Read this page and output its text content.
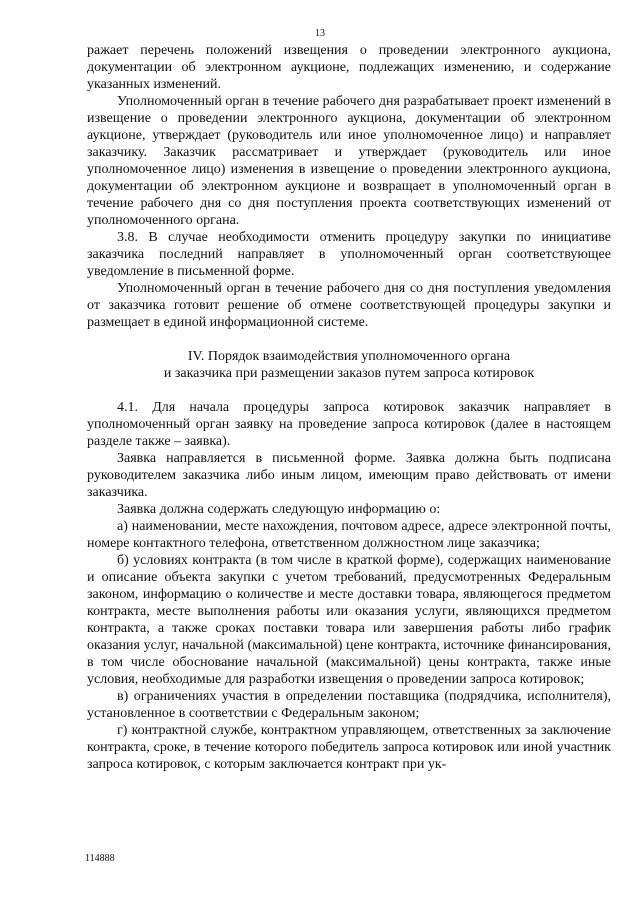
13

ражает перечень положений извещения о проведении электронного аукциона, документации об электронном аукционе, подлежащих изменению, и содержание указанных изменений.

Уполномоченный орган в течение рабочего дня разрабатывает проект изменений в извещение о проведении электронного аукциона, документации об электронном аукционе, утверждает (руководитель или иное уполномоченное лицо) и направляет заказчику. Заказчик рассматривает и утверждает (руководитель или иное уполномоченное лицо) изменения в извещение о проведении электронного аукциона, документации об электронном аукционе и возвращает в уполномоченный орган в течение рабочего дня со дня поступления проекта соответствующих изменений от уполномоченного органа.

3.8. В случае необходимости отменить процедуру закупки по инициативе заказчика последний направляет в уполномоченный орган соответствующее уведомление в письменной форме.

Уполномоченный орган в течение рабочего дня со дня поступления уведомления от заказчика готовит решение об отмене соответствующей процедуры закупки и размещает в единой информационной системе.

IV. Порядок взаимодействия уполномоченного органа
и заказчика при размещении заказов путем запроса котировок

4.1. Для начала процедуры запроса котировок заказчик направляет в уполномоченный орган заявку на проведение запроса котировок (далее в настоящем разделе также – заявка).

Заявка направляется в письменной форме. Заявка должна быть подписана руководителем заказчика либо иным лицом, имеющим право действовать от имени заказчика.

Заявка должна содержать следующую информацию о:

а) наименовании, месте нахождения, почтовом адресе, адресе электронной почты, номере контактного телефона, ответственном должностном лице заказчика;

б) условиях контракта (в том числе в краткой форме), содержащих наименование и описание объекта закупки с учетом требований, предусмотренных Федеральным законом, информацию о количестве и месте доставки товара, являющегося предметом контракта, месте выполнения работы или оказания услуги, являющихся предметом контракта, а также сроках поставки товара или завершения работы либо график оказания услуг, начальной (максимальной) цене контракта, источнике финансирования, в том числе обоснование начальной (максимальной) цены контракта, также иные условия, необходимые для разработки извещения о проведении запроса котировок;

в) ограничениях участия в определении поставщика (подрядчика, исполнителя), установленное в соответствии с Федеральным законом;

г) контрактной службе, контрактном управляющем, ответственных за заключение контракта, сроке, в течение которого победитель запроса котировок или иной участник запроса котировок, с которым заключается контракт при ук-

114888
